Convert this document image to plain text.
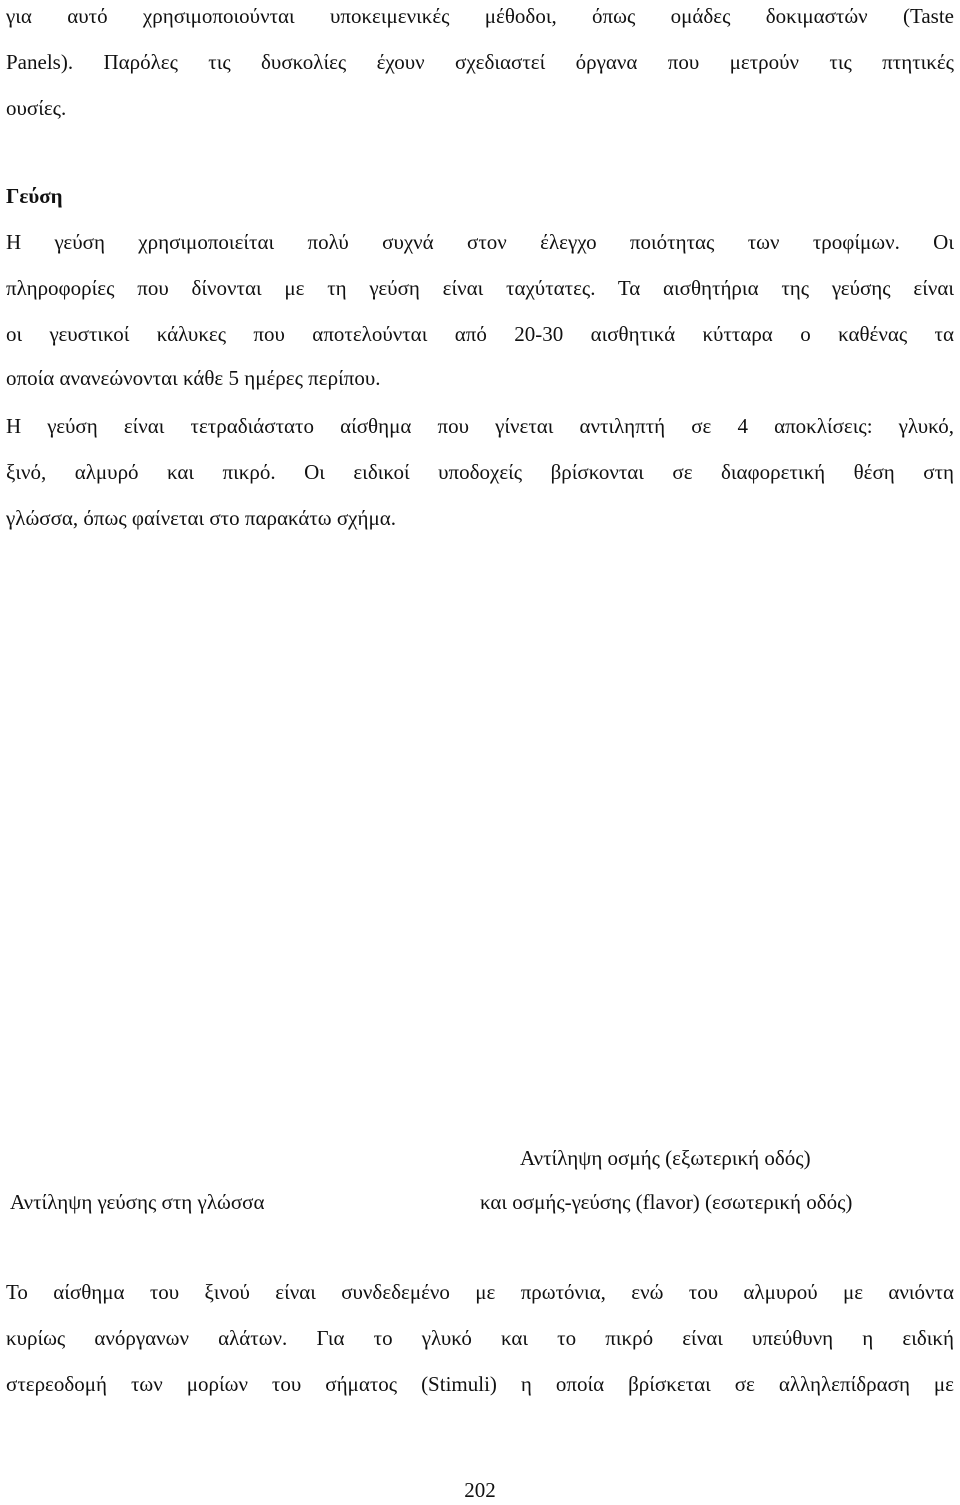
για αυτό χρησιμοποιούνται υποκειμενικές μέθοδοι, όπως ομάδες δοκιμαστών (Taste
Panels). Παρόλες τις δυσκολίες έχουν σχεδιαστεί όργανα που μετρούν τις πτητικές
ουσίες.
Γεύση
Η γεύση χρησιμοποιείται πολύ συχνά στον έλεγχο ποιότητας των τροφίμων. Οι
πληροφορίες που δίνονται με τη γεύση είναι ταχύτατες. Τα αισθητήρια της γεύσης είναι
οι γευστικοί κάλυκες που αποτελούνται από 20-30 αισθητικά κύτταρα ο καθένας τα
οποία ανανεώνονται κάθε 5 ημέρες περίπου.
Η γεύση είναι τετραδιάστατο αίσθημα που γίνεται αντιληπτή σε 4 αποκλίσεις: γλυκό,
ξινό, αλμυρό και πικρό. Οι ειδικοί υποδοχείς βρίσκονται σε διαφορετική θέση στη
γλώσσα, όπως φαίνεται στο παρακάτω σχήμα.
Αντίληψη γεύσης στη γλώσσα
Αντίληψη οσμής (εξωτερική οδός)
και οσμής-γεύσης (flavor) (εσωτερική οδός)
Το αίσθημα του ξινού είναι συνδεδεμένο με πρωτόνια, ενώ του αλμυρού με ανιόντα
κυρίως ανόργανων αλάτων. Για το γλυκό και το πικρό είναι υπεύθυνη η ειδική
στερεοδομή των μορίων του σήματος (Stimuli) η οποία βρίσκεται σε αλληλεπίδραση με
202
